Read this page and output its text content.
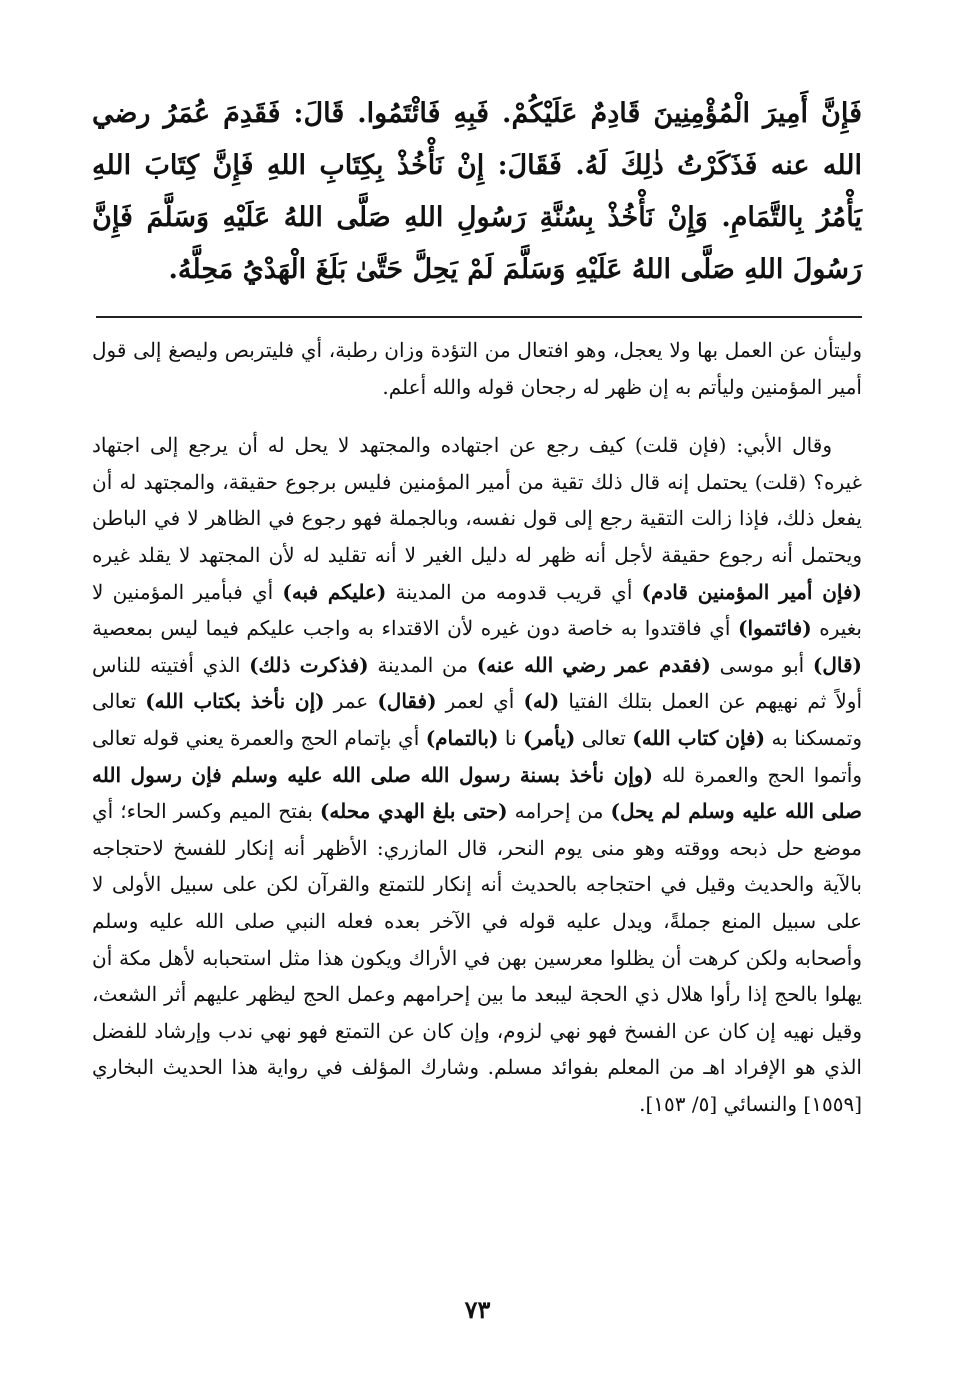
فَإِنَّ أَمِيرَ الْمُؤْمِنِينَ قَادِمٌ عَلَيْكُمْ. فَبِهِ فَائْتَمُوا. قَالَ: فَقَدِمَ عُمَرُ رضي الله عنه فَذَكَرْتُ ذٰلِكَ لَهُ. فَقَالَ: إِنْ نَأْخُذْ بِكِتَابِ اللهِ فَإِنَّ كِتَابَ اللهِ يَأْمُرُ بِالتَّمَامِ. وَإِنْ نَأْخُذْ بِسُنَّةِ رَسُولِ اللهِ صَلَّى اللهُ عَلَيْهِ وَسَلَّمَ فَإِنَّ رَسُولَ اللهِ صَلَّى اللهُ عَلَيْهِ وَسَلَّمَ لَمْ يَحِلَّ حَتَّىٰ بَلَغَ الْهَدْيُ مَحِلَّهُ.

وليتأن عن العمل بها ولا يعجل، وهو افتعال من التؤدة وزان رطبة، أي فليتربص وليصغ إلى قول أمير المؤمنين وليأتم به إن ظهر له رجحان قوله والله أعلم.

وقال الأبي: (فإن قلت) كيف رجع عن اجتهاده والمجتهد لا يحل له أن يرجع إلى اجتهاد غيره؟ (قلت) يحتمل إنه قال ذلك تقية من أمير المؤمنين فليس برجوع حقيقة، والمجتهد له أن يفعل ذلك، فإذا زالت التقية رجع إلى قول نفسه، وبالجملة فهو رجوع في الظاهر لا في الباطن ويحتمل أنه رجوع حقيقة لأجل أنه ظهر له دليل الغير لا أنه تقليد له لأن المجتهد لا يقلد غيره (فإن أمير المؤمنين قادم) أي قريب قدومه من المدينة (عليكم فبه) أي فبأمير المؤمنين لا بغيره (فائتموا) أي فاقتدوا به خاصة دون غيره لأن الاقتداء به واجب عليكم فيما ليس بمعصية (قال) أبو موسى (فقدم عمر رضي الله عنه) من المدينة (فذكرت ذلك) الذي أفتيته للناس أولاً ثم نهيهم عن العمل بتلك الفتيا (له) أي لعمر (فقال) عمر (إن نأخذ بكتاب الله) تعالى وتمسكنا به (فإن كتاب الله) تعالى (يأمر) نا (بالتمام) أي بإتمام الحج والعمرة يعني قوله تعالى وأتموا الحج والعمرة لله (وإن نأخذ بسنة رسول الله صلى الله عليه وسلم فإن رسول الله صلى الله عليه وسلم لم يحل) من إحرامه (حتى بلغ الهدي محله) بفتح الميم وكسر الحاء؛ أي موضع حل ذبحه ووقته وهو منى يوم النحر، قال المازري: الأظهر أنه إنكار للفسخ لاحتجاجه بالآية والحديث وقيل في احتجاجه بالحديث أنه إنكار للتمتع والقرآن لكن على سبيل الأولى لا على سبيل المنع جملةً، ويدل عليه قوله في الآخر بعده فعله النبي صلى الله عليه وسلم وأصحابه ولكن كرهت أن يظلوا معرسين بهن في الأراك ويكون هذا مثل استحبابه لأهل مكة أن يهلوا بالحج إذا رأوا هلال ذي الحجة ليبعد ما بين إحرامهم وعمل الحج ليظهر عليهم أثر الشعث، وقيل نهيه إن كان عن الفسخ فهو نهي لزوم، وإن كان عن التمتع فهو نهي ندب وإرشاد للفضل الذي هو الإفراد اهـ من المعلم بفوائد مسلم. وشارك المؤلف في رواية هذا الحديث البخاري [١٥٥٩] والنسائي [٥/ ١٥٣].

٧٣
